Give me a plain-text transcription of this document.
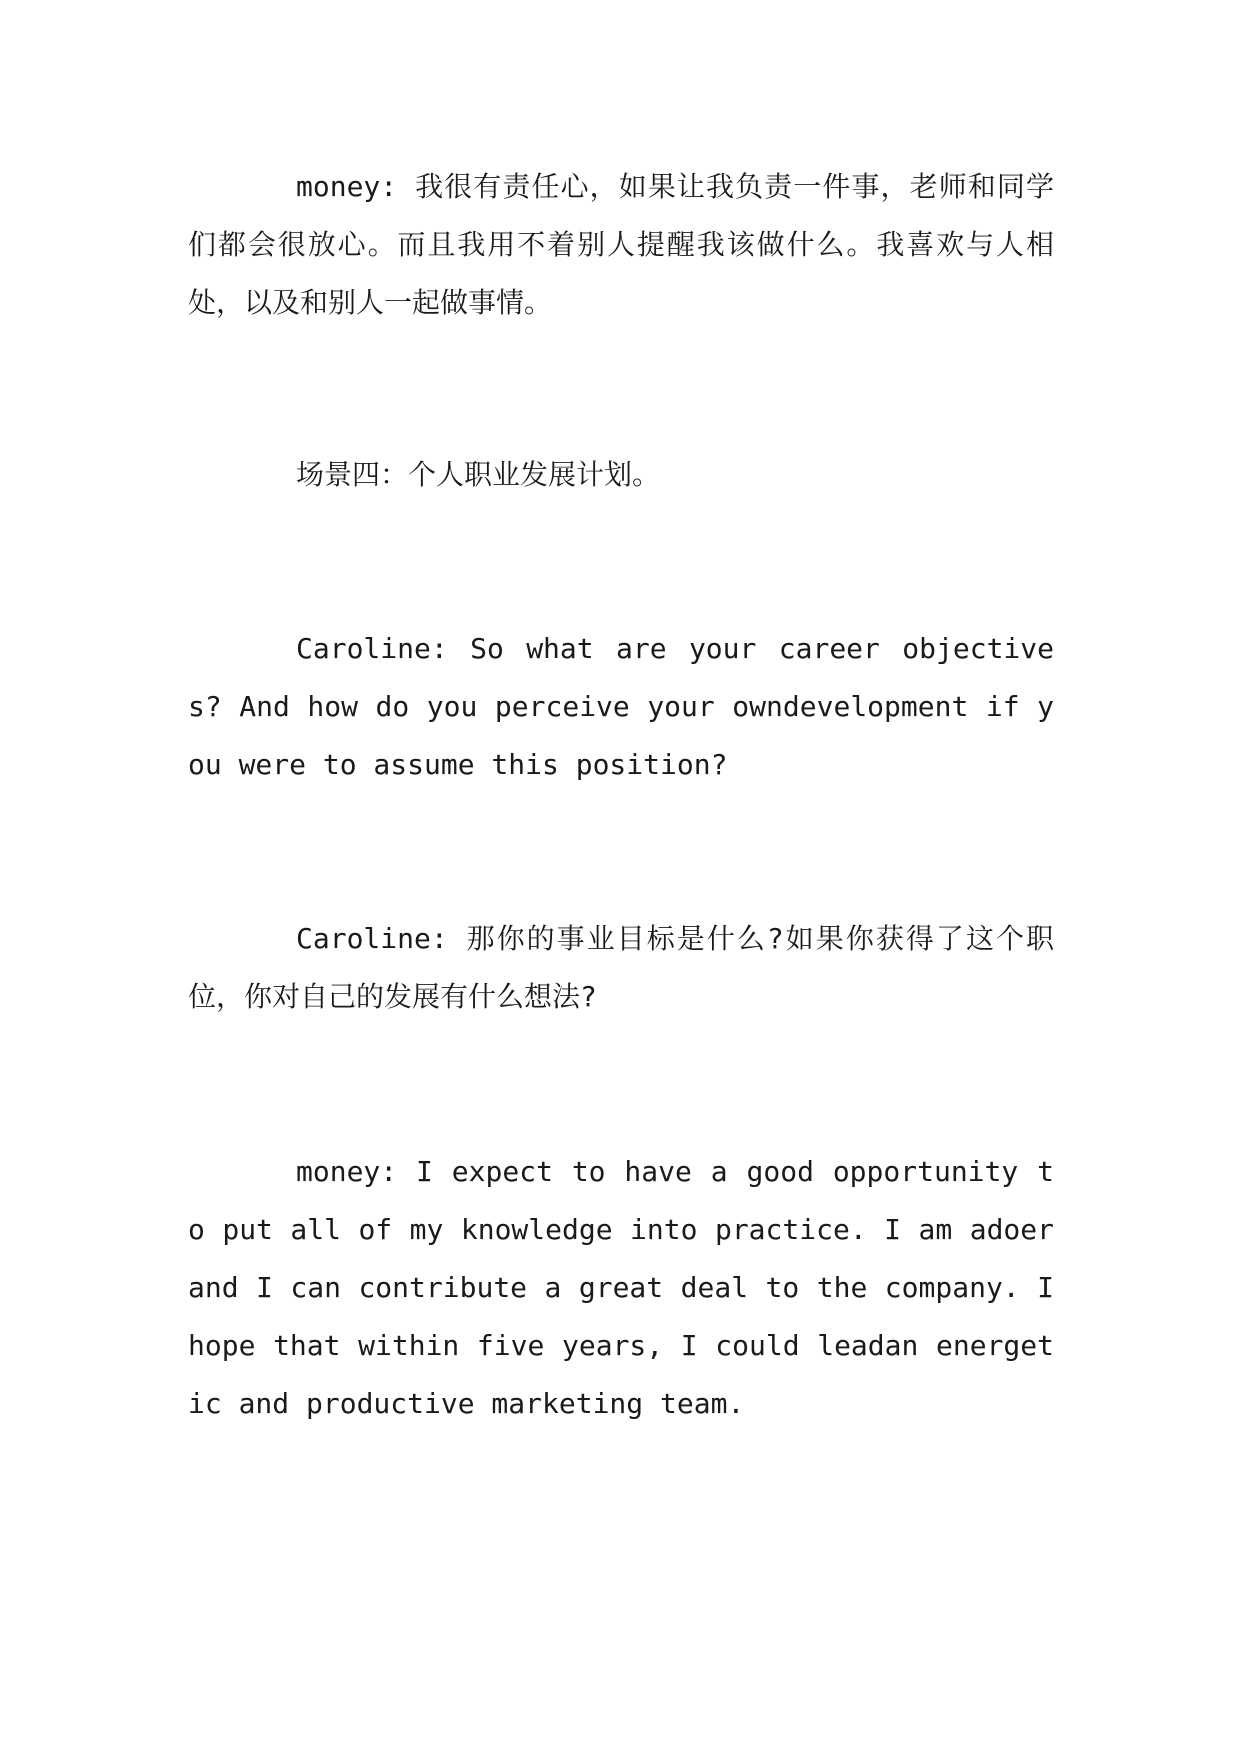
money: 我很有责任心，如果让我负责一件事，老师和同学们都会很放心。而且我用不着别人提醒我该做什么。我喜欢与人相处，以及和别人一起做事情。

场景四：个人职业发展计划。

Caroline: So what are your career objectives? And how do you perceive your owndevelopment if you were to assume this position?

Caroline: 那你的事业目标是什么?如果你获得了这个职位，你对自己的发展有什么想法?

money: I expect to have a good opportunity to put all of my knowledge into practice. I am adoer and I can contribute a great deal to the company. I hope that within five years, I could leadan energetic and productive marketing team.
